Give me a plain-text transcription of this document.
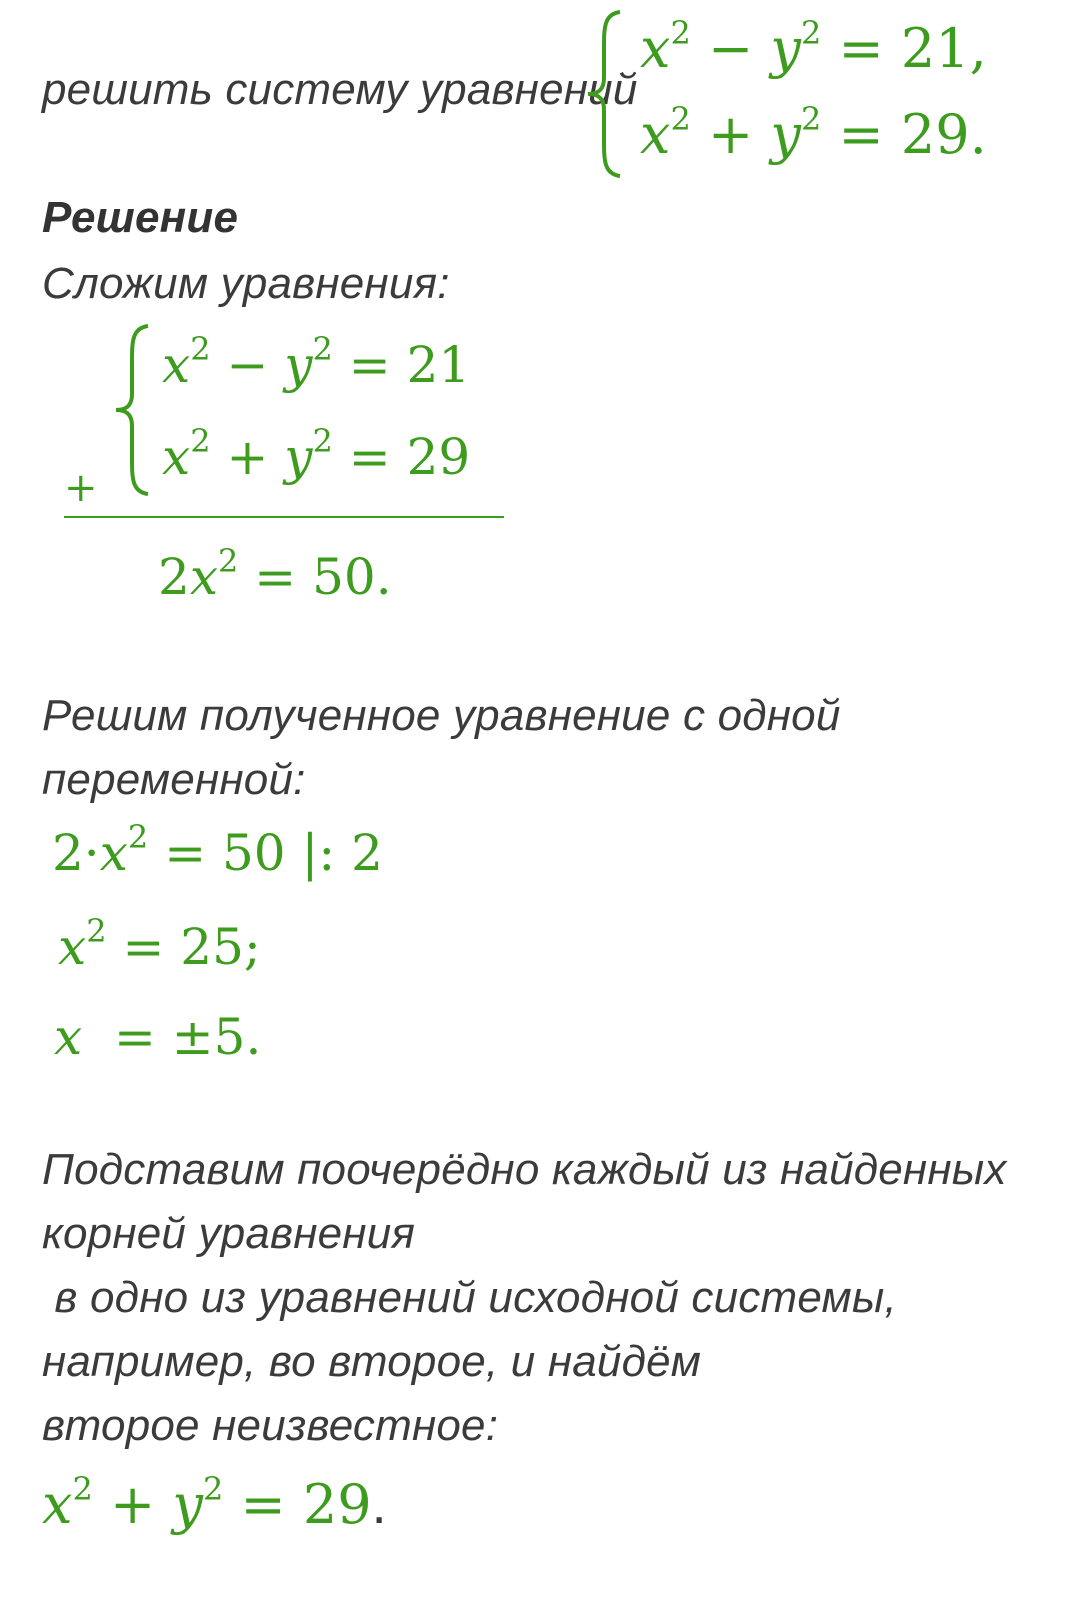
решить систему уравнений
$x^2 - y^2 = 21$,
$x^2 + y^2 = 29$.
Решение
Сложим уравнения:
$x^2 - y^2 = 21$
$x^2 + y^2 = 29$
+
$2x^2 = 50$.
Решим полученное уравнение с одной
переменной:
$2\cdot x^2 = 50$ |: 2
$x^2 = 25$;
x = ±5.
Подставим поочерёдно каждый из найденных
корней уравнения
в одно из уравнений исходной системы,
например, во второе, и найдём
второе неизвестное:
$x^2 + y^2 = 29$.
